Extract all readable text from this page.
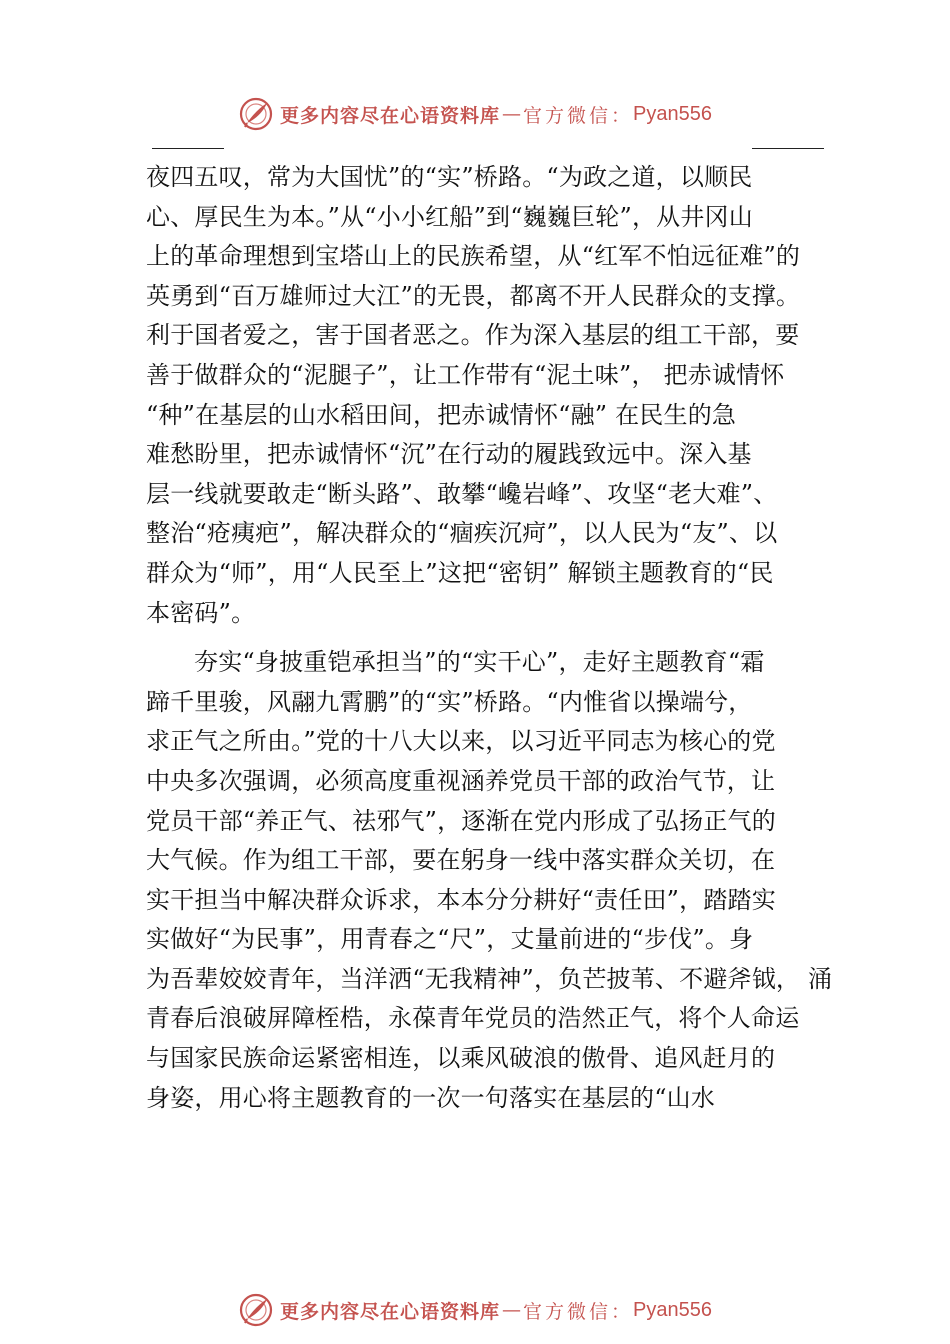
更多内容尽在心语资料库 — 官方微信： Pyan556
夜四五叹，常为大国忧”的“实”桥路。“为政之道，以顺民
心、厚民生为本。”从“小小红船”到“巍巍巨轮”，从井冈山
上的革命理想到宝塔山上的民族希望，从“红军不怕远征难”的
英勇到“百万雄师过大江”的无畏，都离不开人民群众的支撑。
利于国者爱之，害于国者恶之。作为深入基层的组工干部，要
善于做群众的“泥腿子”，让工作带有“泥土味”， 把赤诚情怀
“种”在基层的山水稻田间，把赤诚情怀“融” 在民生的急
难愁盼里，把赤诚情怀“沉”在行动的履践致远中。深入基
层一线就要敢走“断头路”、敢攀“巉岩峰”、攻坚“老大难”、
整治“疮痍疤”，解决群众的“痼疾沉疴”，以人民为“友”、以
群众为“师”，用“人民至上”这把“密钥” 解锁主题教育的“民
本密码”。
夯实“身披重铠承担当”的“实干心”，走好主题教育“霜
蹄千里骏，风翮九霄鹏”的“实”桥路。“内惟省以操端兮，
求正气之所由。”党的十八大以来，以习近平同志为核心的党
中央多次强调，必须高度重视涵养党员干部的政治气节，让
党员干部“养正气、祛邪气”，逐渐在党内形成了弘扬正气的
大气候。作为组工干部，要在躬身一线中落实群众关切，在
实干担当中解决群众诉求，本本分分耕好“责任田”，踏踏实
实做好“为民事”，用青春之“尺”，丈量前进的“步伐”。身
为吾辈姣姣青年，当洋洒“无我精神”，负芒披苇、不避斧钺， 涌
青春后浪破屏障桎梏，永葆青年党员的浩然正气，将个人命运
与国家民族命运紧密相连，以乘风破浪的傲骨、追风赶月的
身姿，用心将主题教育的一次一句落实在基层的“山水
更多内容尽在心语资料库 — 官方微信： Pyan556
